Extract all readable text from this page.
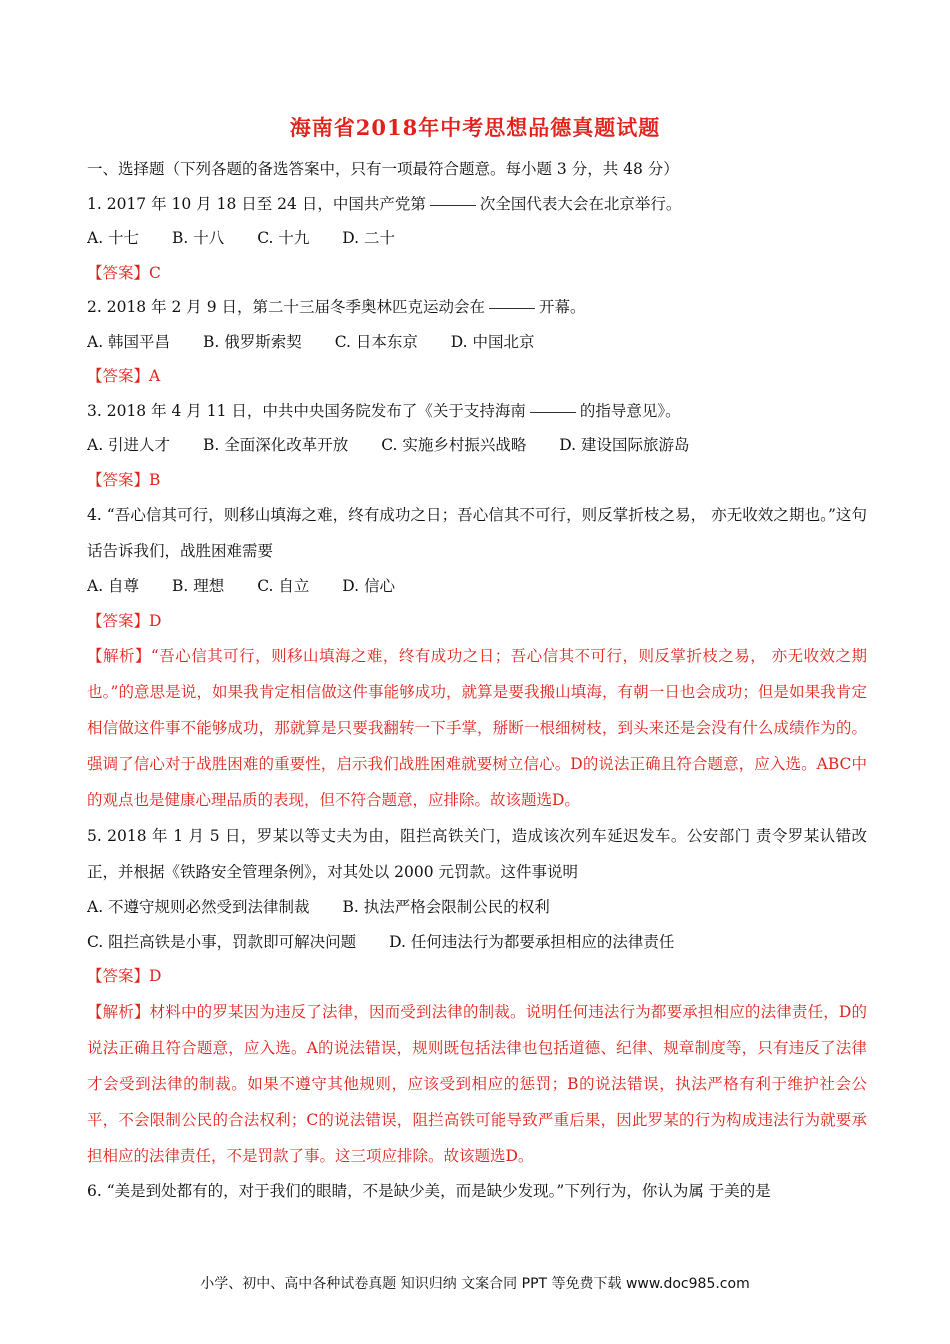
海南省2018年中考思想品德真题试题
一、选择题（下列各题的备选答案中，只有一项最符合题意。每小题 3 分，共 48 分）
1. 2017 年 10 月 18 日至 24 日，中国共产党第	次全国代表大会在北京举行。
A. 十七 B. 十八 C. 十九 D. 二十
【答案】C
2. 2018 年 2 月 9 日，第二十三届冬季奥林匹克运动会在	开幕。
A. 韩国平昌 B. 俄罗斯索契 C. 日本东京 D. 中国北京
【答案】A
3. 2018 年 4 月 11 日，中共中央国务院发布了《关于支持海南	的指导意见》。
A. 引进人才 B. 全面深化改革开放 C. 实施乡村振兴战略 D. 建设国际旅游岛
【答案】B
4. “吾心信其可行，则移山填海之难，终有成功之日；吾心信其不可行，则反掌折枝之易， 亦无收效之期也。”这句话告诉我们，战胜困难需要
A. 自尊 B. 理想 C. 自立 D. 信心
【答案】D
【解析】“吾心信其可行，则移山填海之难，终有成功之日；吾心信其不可行，则反掌折枝之易， 亦无收效之期也。”的意思是说，如果我肯定相信做这件事能够成功，就算是要我搬山填海，有朝一日也会成功；但是如果我肯定相信做这件事不能够成功，那就算是只要我翻转一下手掌，掰断一根细树枝，到头来还是会没有什么成绩作为的。强调了信心对于战胜困难的重要性，启示我们战胜困难就要树立信心。D的说法正确且符合题意，应入选。ABC中的观点也是健康心理品质的表现，但不符合题意，应排除。故该题选D。
5. 2018 年 1 月 5 日，罗某以等丈夫为由，阻拦高铁关门，造成该次列车延迟发车。公安部门 责令罗某认错改正，并根据《铁路安全管理条例》，对其处以 2000 元罚款。这件事说明
A. 不遵守规则必然受到法律制裁 B. 执法严格会限制公民的权利
C. 阻拦高铁是小事，罚款即可解决问题 D. 任何违法行为都要承担相应的法律责任
【答案】D
【解析】材料中的罗某因为违反了法律，因而受到法律的制裁。说明任何违法行为都要承担相应的法律责任，D的说法正确且符合题意，应入选。A的说法错误，规则既包括法律也包括道德、纪律、规章制度等，只有违反了法律才会受到法律的制裁。如果不遵守其他规则，应该受到相应的惩罚；B的说法错误，执法严格有利于维护社会公平，不会限制公民的合法权利；C的说法错误，阻拦高铁可能导致严重后果，因此罗某的行为构成违法行为就要承担相应的法律责任，不是罚款了事。这三项应排除。故该题选D。
6. “美是到处都有的，对于我们的眼睛，不是缺少美，而是缺少发现。”下列行为，你认为属 于美的是
小学、初中、高中各种试卷真题 知识归纳 文案合同 PPT 等免费下载 www.doc985.com
